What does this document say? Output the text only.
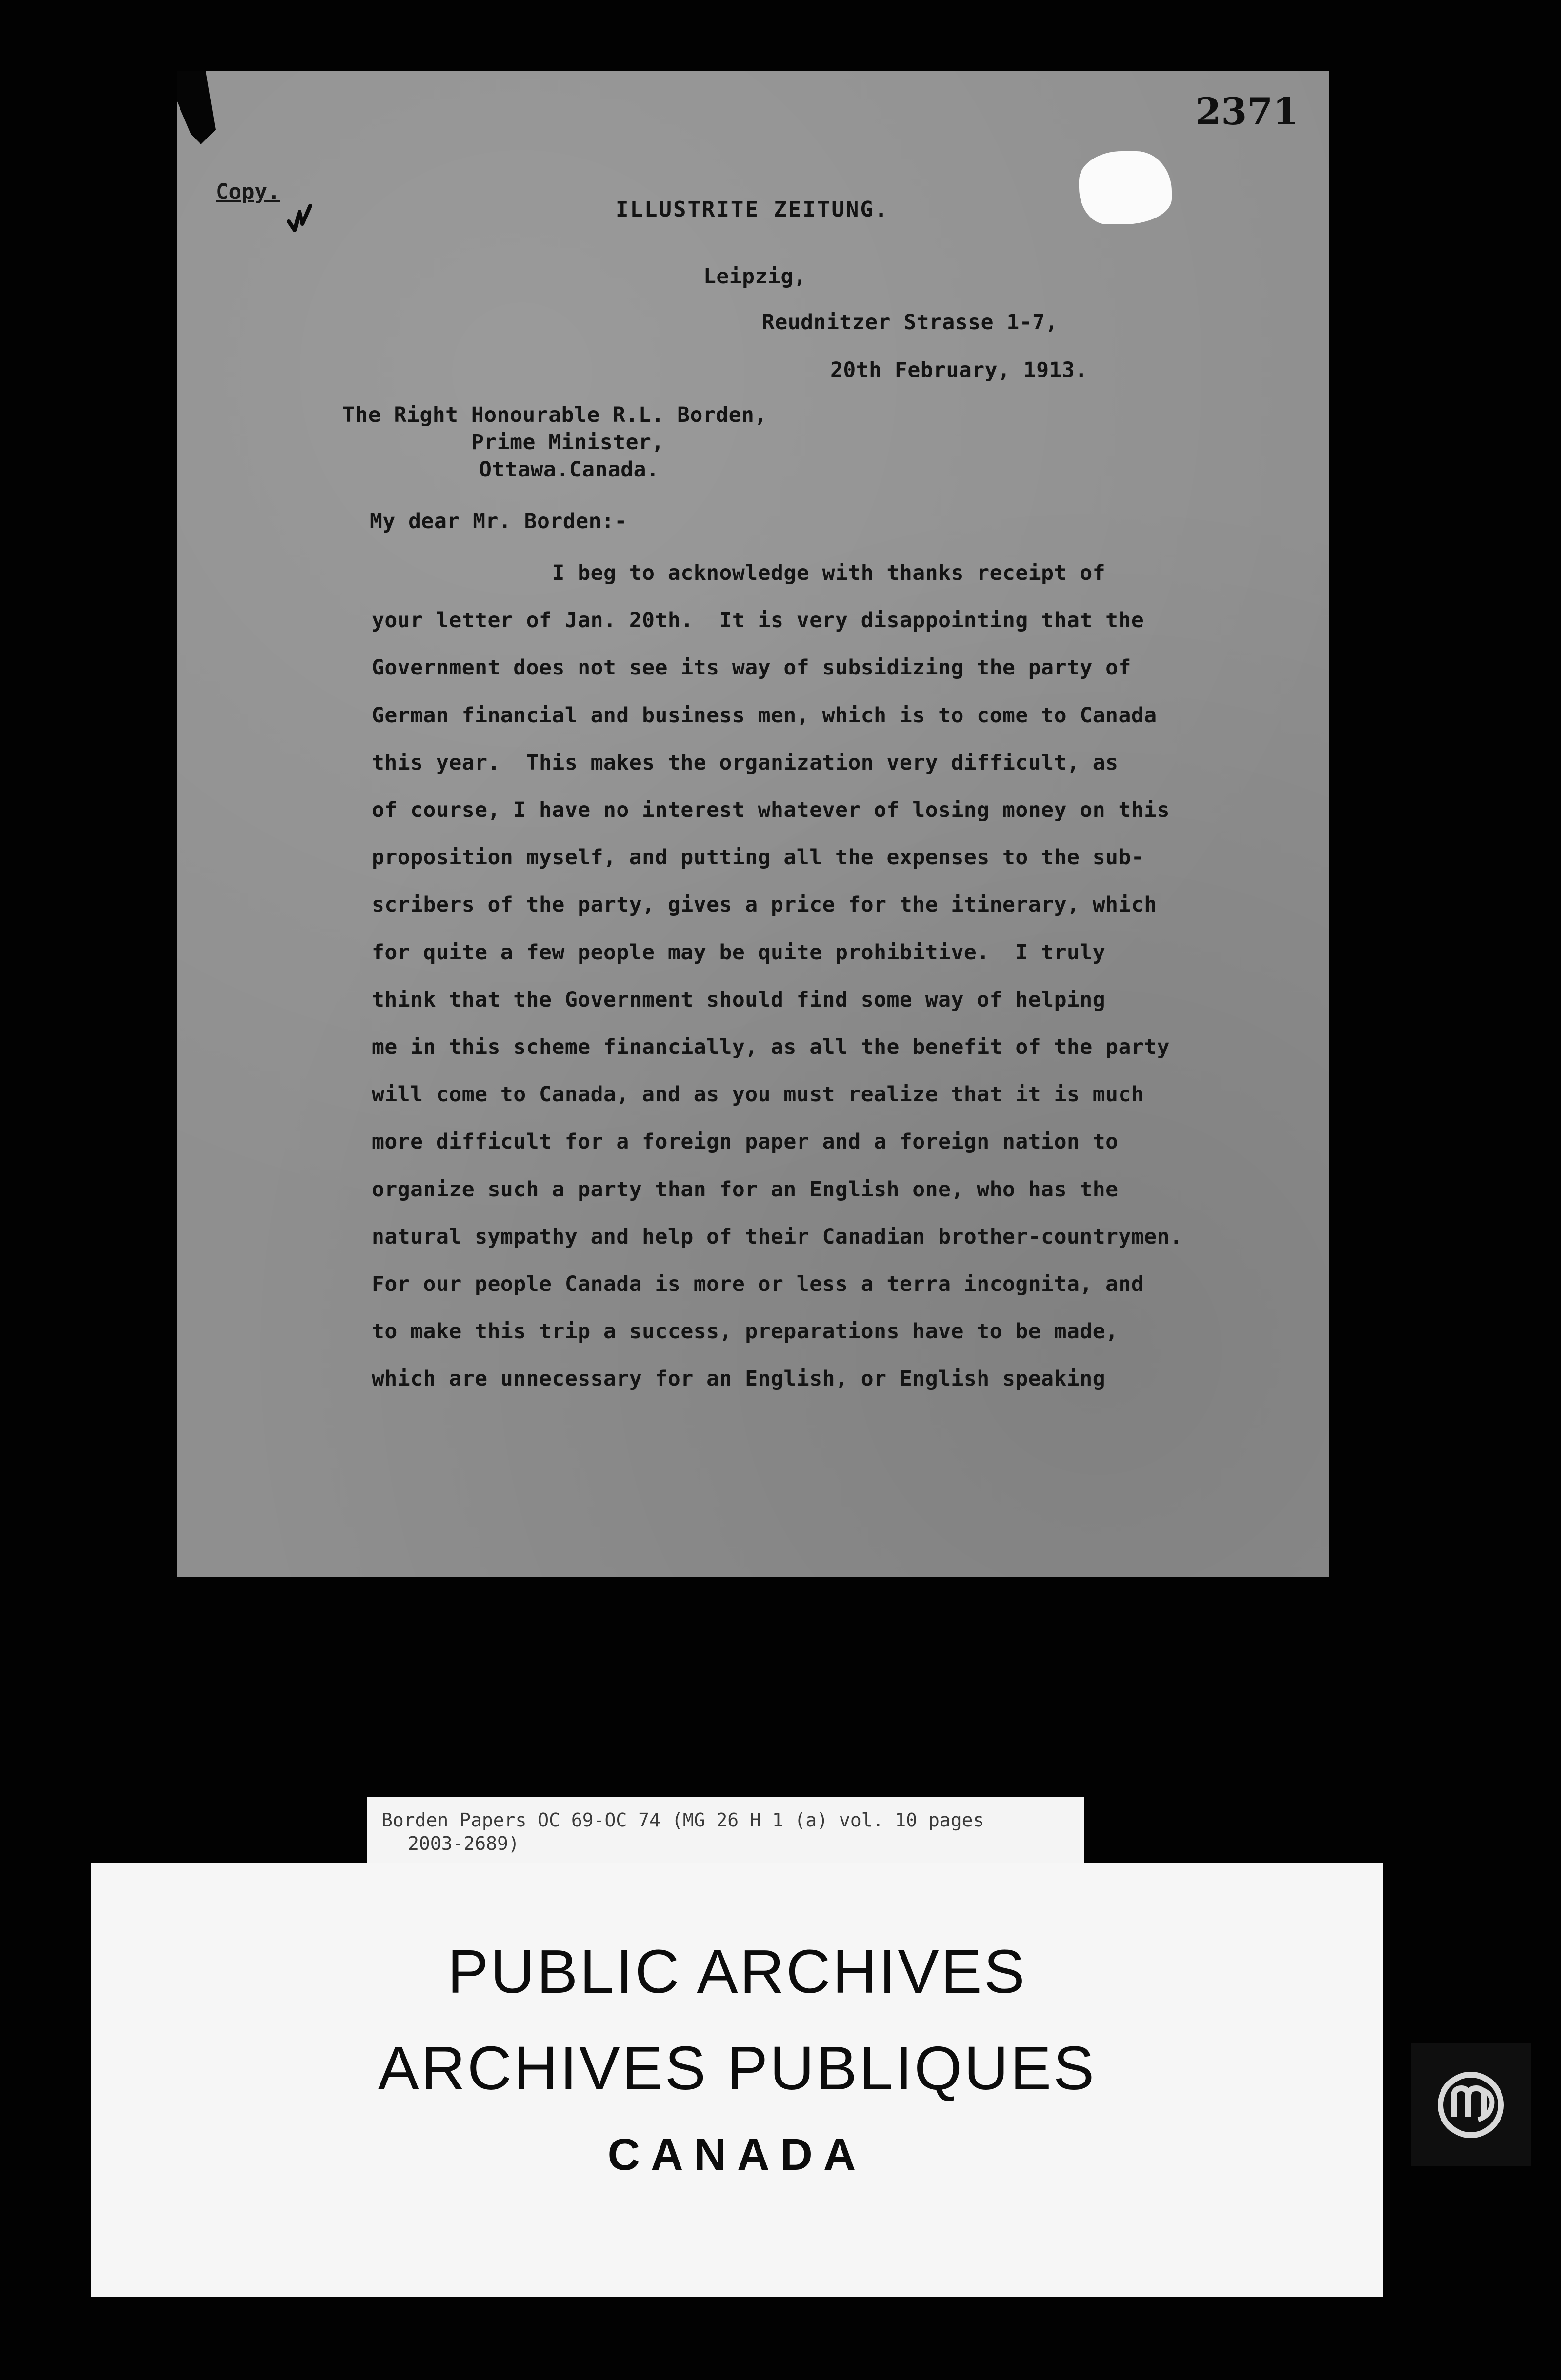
2371
Copy.
ILLUSTRITE ZEITUNG.
Leipzig,
Reudnitzer Strasse 1-7,
20th February, 1913.
The Right Honourable R.L. Borden,
Prime Minister,
Ottawa.Canada.
My dear Mr. Borden:-
I beg to acknowledge with thanks receipt of
your letter of Jan. 20th.  It is very disappointing that the
Government does not see its way of subsidizing the party of
German financial and business men, which is to come to Canada
this year.  This makes the organization very difficult, as
of course, I have no interest whatever of losing money on this
proposition myself, and putting all the expenses to the sub-
scribers of the party, gives a price for the itinerary, which
for quite a few people may be quite prohibitive.  I truly
think that the Government should find some way of helping
me in this scheme financially, as all the benefit of the party
will come to Canada, and as you must realize that it is much
more difficult for a foreign paper and a foreign nation to
organize such a party than for an English one, who has the
natural sympathy and help of their Canadian brother-countrymen.
For our people Canada is more or less a terra incognita, and
to make this trip a success, preparations have to be made,
which are unnecessary for an English, or English speaking
Borden Papers OC 69-OC 74 (MG 26 H 1 (a) vol. 10 pages
2003-2689)
PUBLIC ARCHIVES
ARCHIVES PUBLIQUES
CANADA
